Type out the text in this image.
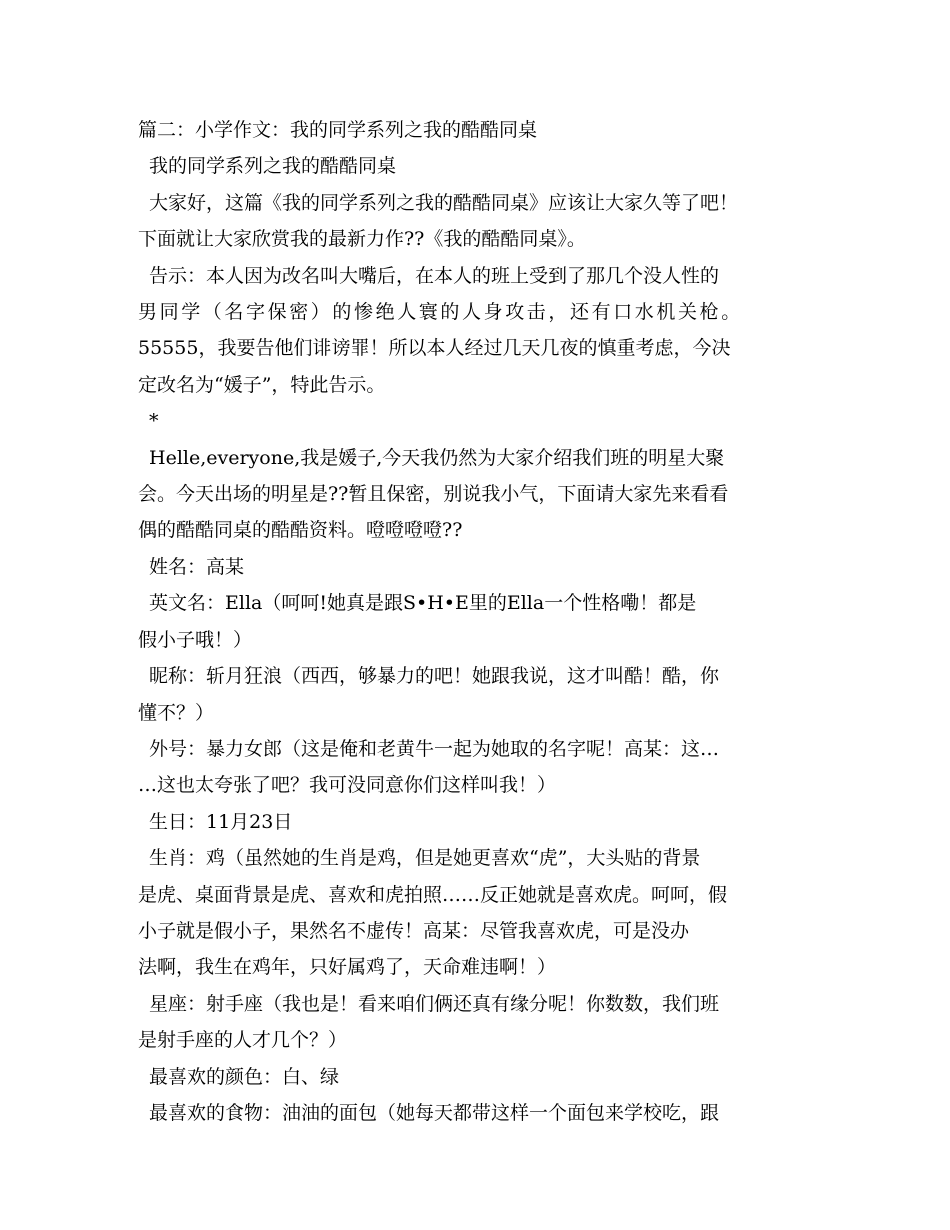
篇二：小学作文：我的同学系列之我的酷酷同桌

我的同学系列之我的酷酷同桌

大家好，这篇《我的同学系列之我的酷酷同桌》应该让大家久等了吧！

下面就让大家欣赏我的最新力作??《我的酷酷同桌》。

告示：本人因为改名叫大嘴后，在本人的班上受到了那几个没人性的

男同学（名字保密）的惨绝人寰的人身攻击，还有口水机关枪。

55555，我要告他们诽谤罪！所以本人经过几天几夜的慎重考虑，今决

定改名为“媛子”，特此告示。

*

Helle,everyone,我是媛子,今天我仍然为大家介绍我们班的明星大聚

会。今天出场的明星是??暂且保密，别说我小气，下面请大家先来看看

偶的酷酷同桌的酷酷资料。噔噔噔噔??

姓名：高某

英文名：Ella（呵呵!她真是跟S•H•E里的Ella一个性格嘞！都是

假小子哦！）

昵称：斩月狂浪（西西，够暴力的吧！她跟我说，这才叫酷！酷，你

懂不？）

外号：暴力女郎（这是俺和老黄牛一起为她取的名字呢！高某：这…

…这也太夸张了吧？我可没同意你们这样叫我！）

生日：11月23日

生肖：鸡（虽然她的生肖是鸡，但是她更喜欢“虎”，大头贴的背景

是虎、桌面背景是虎、喜欢和虎拍照……反正她就是喜欢虎。呵呵，假

小子就是假小子，果然名不虚传！高某：尽管我喜欢虎，可是没办

法啊，我生在鸡年，只好属鸡了，天命难违啊！）

星座：射手座（我也是！看来咱们俩还真有缘分呢！你数数，我们班

是射手座的人才几个？）

最喜欢的颜色：白、绿

最喜欢的食物：油油的面包（她每天都带这样一个面包来学校吃，跟
